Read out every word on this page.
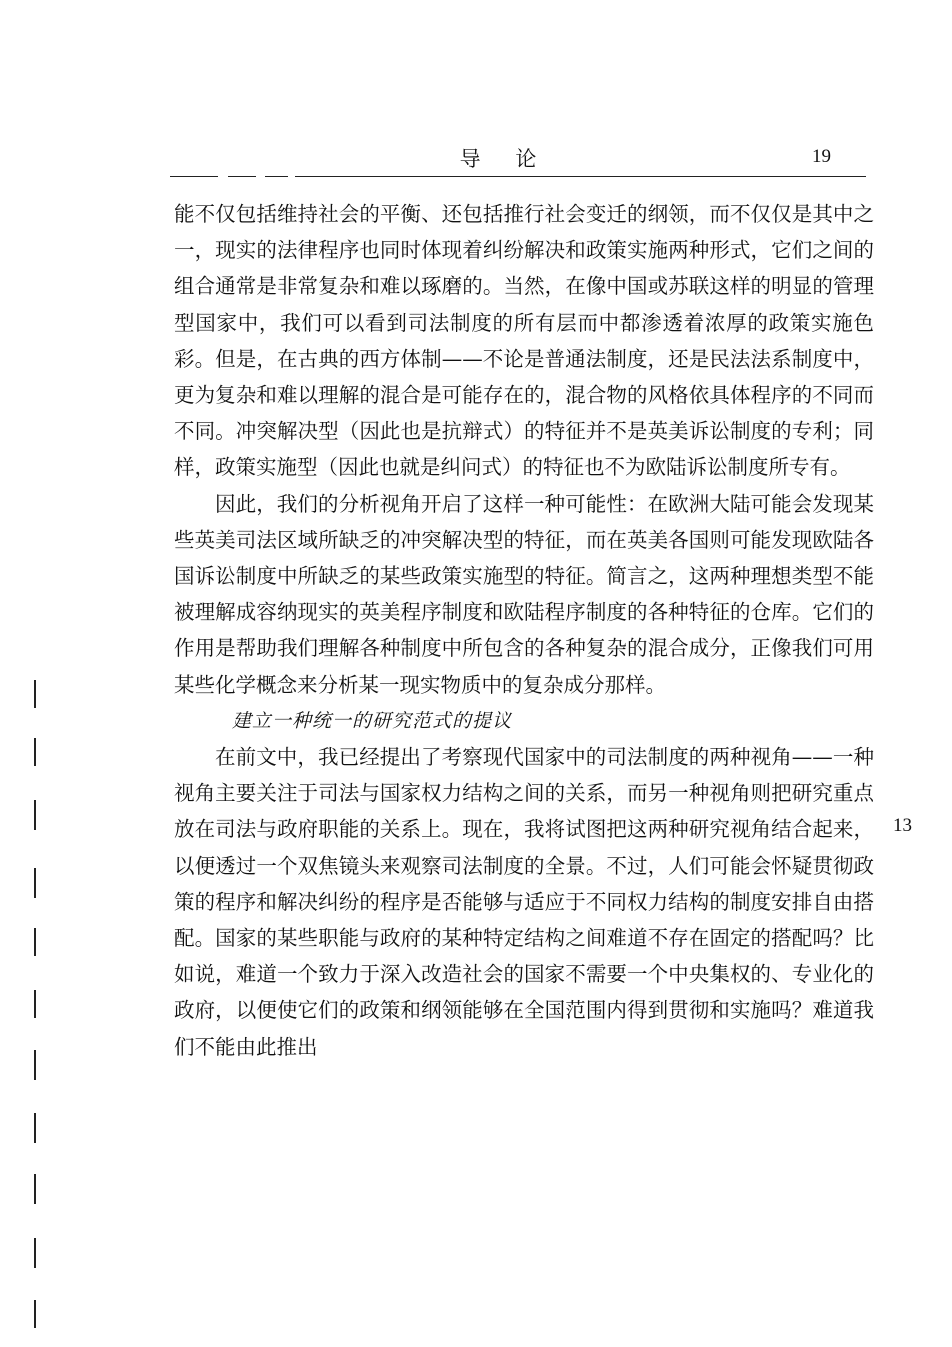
导 论	19

能不仅包括维持社会的平衡、还包括推行社会变迁的纲领，而不仅仅是其中之一，现实的法律程序也同时体现着纠纷解决和政策实施两种形式，它们之间的组合通常是非常复杂和难以琢磨的。当然，在像中国或苏联这样的明显的管理型国家中，我们可以看到司法制度的所有层而中都渗透着浓厚的政策实施色彩。但是，在古典的西方体制——不论是普通法制度，还是民法法系制度中，更为复杂和难以理解的混合是可能存在的，混合物的风格依具体程序的不同而不同。冲突解决型（因此也是抗辩式）的特征并不是英美诉讼制度的专利；同样，政策实施型（因此也就是纠问式）的特征也不为欧陆诉讼制度所专有。

因此，我们的分析视角开启了这样一种可能性：在欧洲大陆可能会发现某些英美司法区域所缺乏的冲突解决型的特征，而在英美各国则可能发现欧陆各国诉讼制度中所缺乏的某些政策实施型的特征。简言之，这两种理想类型不能被理解成容纳现实的英美程序制度和欧陆程序制度的各种特征的仓库。它们的作用是帮助我们理解各种制度中所包含的各种复杂的混合成分，正像我们可用某些化学概念来分析某一现实物质中的复杂成分那样。

建立一种统一的研究范式的提议

在前文中，我已经提出了考察现代国家中的司法制度的两种视角——一种视角主要关注于司法与国家权力结构之间的关系，而另一种视角则把研究重点放在司法与政府职能的关系上。现在，我将试图把这两种研究视角结合起来，以便透过一个双焦镜头来观察司法制度的全景。不过，人们可能会怀疑贯彻政策的程序和解决纠纷的程序是否能够与适应于不同权力结构的制度安排自由搭配。国家的某些职能与政府的某种特定结构之间难道不存在固定的搭配吗？比如说，难道一个致力于深入改造社会的国家不需要一个中央集权的、专业化的政府，以便使它们的政策和纲领能够在全国范围内得到贯彻和实施吗？难道我们不能由此推出

13
